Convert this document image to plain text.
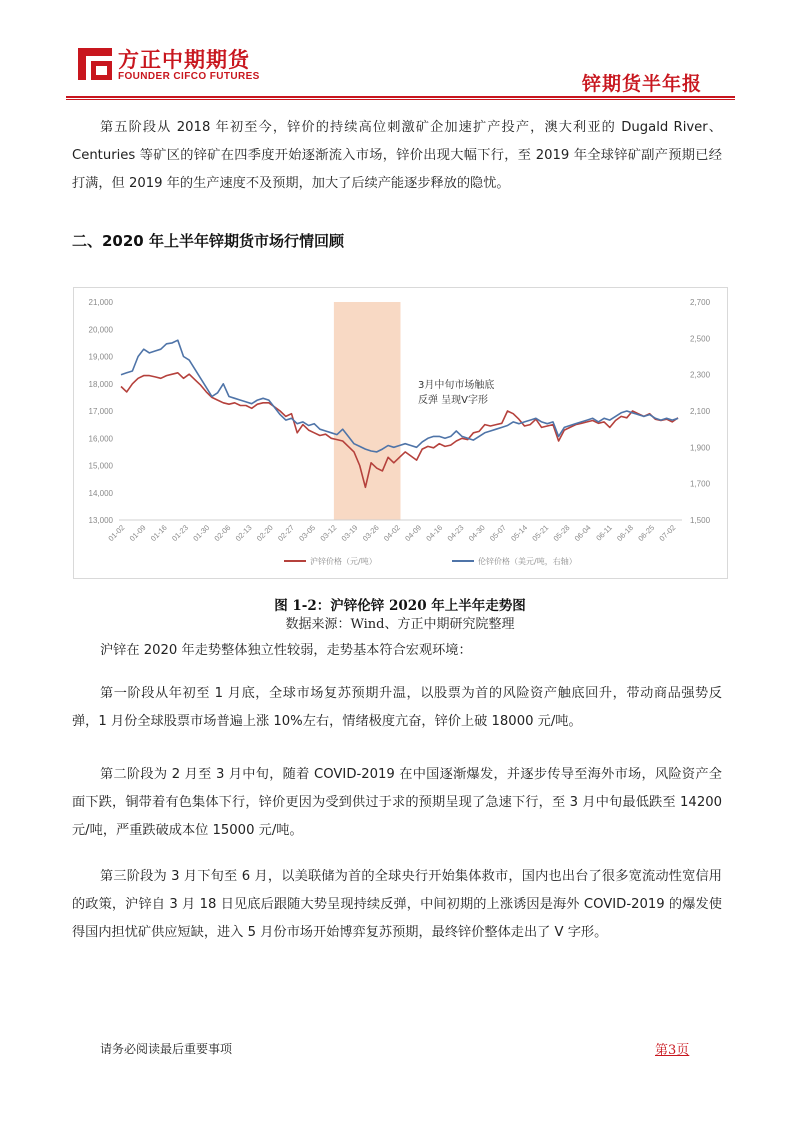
方正中期期货
FOUNDER CIFCO FUTURES	锌期货半年报
第五阶段从 2018 年初至今，锌价的持续高位刺激矿企加速扩产投产，澳大利亚的 Dugald River、Centuries 等矿区的锌矿在四季度开始逐渐流入市场，锌价出现大幅下行，至 2019 年全球锌矿副产预期已经打满，但 2019 年的生产速度不及预期，加大了后续产能逐步释放的隐忧。
二、2020 年上半年锌期货市场行情回顾
21,000
20,000
19,000
18,000
17,000
16,000
15,000
14,000
13,000
2,700
2,500
2,300
2,100
1,900
1,700
1,500
01-02 01-09 01-16 01-23 01-30 02-06 02-13 02-20 02-27 03-05 03-12 03-19 03-26 04-02 04-09 04-16 04-23 04-30 05-07 05-14 05-21 05-28 06-04 06-11 06-18 06-25 07-02
3月中旬市场触底
反弹 呈现V字形
沪锌价格（元/吨）	伦锌价格（美元/吨，右轴）
图 1-2：沪锌伦锌 2020 年上半年走势图
数据来源：Wind、方正中期研究院整理
沪锌在 2020 年走势整体独立性较弱，走势基本符合宏观环境：
第一阶段从年初至 1 月底，全球市场复苏预期升温，以股票为首的风险资产触底回升，带动商品强势反弹，1 月份全球股票市场普遍上涨 10%左右，情绪极度亢奋，锌价上破 18000 元/吨。
第二阶段为 2 月至 3 月中旬，随着 COVID-2019 在中国逐渐爆发，并逐步传导至海外市场，风险资产全面下跌，铜带着有色集体下行，锌价更因为受到供过于求的预期呈现了急速下行，至 3 月中旬最低跌至 14200 元/吨，严重跌破成本位 15000 元/吨。
第三阶段为 3 月下旬至 6 月，以美联储为首的全球央行开始集体救市，国内也出台了很多宽流动性宽信用的政策，沪锌自 3 月 18 日见底后跟随大势呈现持续反弹，中间初期的上涨诱因是海外 COVID-2019 的爆发使得国内担忧矿供应短缺，进入 5 月份市场开始博弈复苏预期，最终锌价整体走出了 V 字形。
请务必阅读最后重要事项	第3页
